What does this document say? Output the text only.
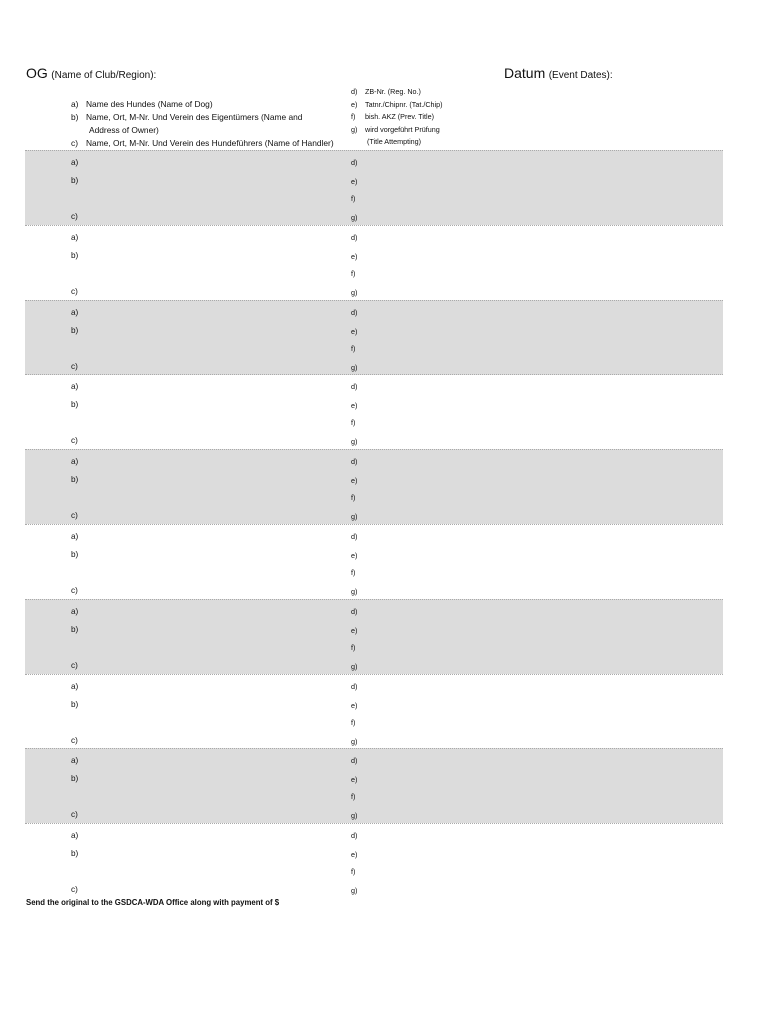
OG (Name of Club/Region):	Datum (Event Dates):
a) Name des Hundes (Name of Dog)
b) Name, Ort, M-Nr. Und Verein des Eigentümers (Name and
Address of Owner)
c) Name, Ort, M-Nr. Und Verein des Hundeführers (Name of Handler)
d) ZB-Nr. (Reg. No.)
e) Tatnr./Chipnr. (Tat./Chip)
f) bish. AKZ (Prev. Title)
g) wird vorgeführt Prüfung
(Title Attempting)
a)
b)
c)
d)
e)
f)
g)
a)
b)
c)
d)
e)
f)
g)
a)
b)
c)
d)
e)
f)
g)
a)
b)
c)
d)
e)
f)
g)
a)
b)
c)
d)
e)
f)
g)
a)
b)
c)
d)
e)
f)
g)
a)
b)
c)
d)
e)
f)
g)
a)
b)
c)
d)
e)
f)
g)
a)
b)
c)
d)
e)
f)
g)
a)
b)
c)
d)
e)
f)
g)
Send the original to the GSDCA-WDA Office along with payment of $
